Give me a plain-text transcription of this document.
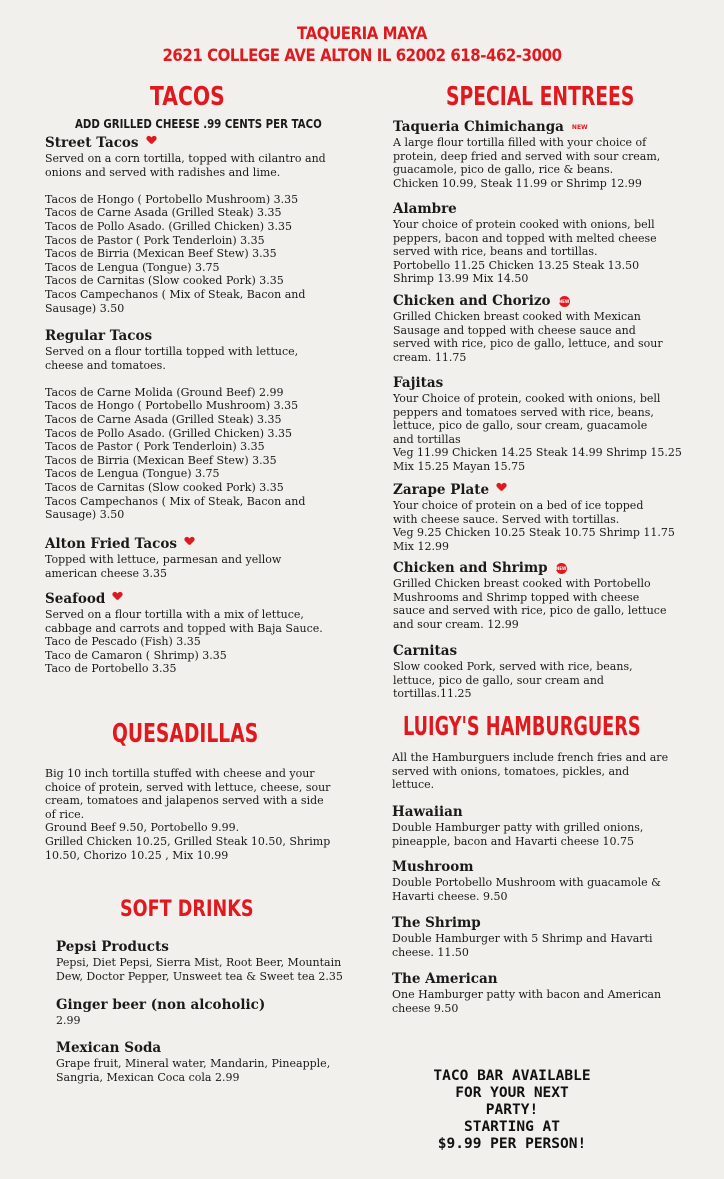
TAQUERIA MAYA
2621 COLLEGE AVE ALTON IL 62002 618-462-3000
TACOS
ADD GRILLED CHEESE .99 CENTS PER TACO
Street Tacos
Served on a corn tortilla, topped with cilantro and
onions and served with radishes and lime.

Tacos de Hongo ( Portobello Mushroom) 3.35
Tacos de Carne Asada (Grilled Steak) 3.35
Tacos de Pollo Asado. (Grilled Chicken) 3.35
Tacos de Pastor ( Pork Tenderloin) 3.35
Tacos de Birria (Mexican Beef Stew) 3.35
Tacos de Lengua (Tongue) 3.75
Tacos de Carnitas (Slow cooked Pork) 3.35
Tacos Campechanos ( Mix of Steak, Bacon and
Sausage) 3.50
Regular Tacos
Served on a flour tortilla topped with lettuce,
cheese and tomatoes.

Tacos de Carne Molida (Ground Beef) 2.99
Tacos de Hongo ( Portobello Mushroom) 3.35
Tacos de Carne Asada (Grilled Steak) 3.35
Tacos de Pollo Asado. (Grilled Chicken) 3.35
Tacos de Pastor ( Pork Tenderloin) 3.35
Tacos de Birria (Mexican Beef Stew) 3.35
Tacos de Lengua (Tongue) 3.75
Tacos de Carnitas (Slow cooked Pork) 3.35
Tacos Campechanos ( Mix of Steak, Bacon and
Sausage) 3.50
Alton Fried Tacos
Topped with lettuce, parmesan and yellow
american cheese 3.35
Seafood
Served on a flour tortilla with a mix of lettuce,
cabbage and carrots and topped with Baja Sauce.
Taco de Pescado (Fish) 3.35
Taco de Camaron ( Shrimp) 3.35
Taco de Portobello 3.35
QUESADILLAS
Big 10 inch tortilla stuffed with cheese and your
choice of protein, served with lettuce, cheese, sour
cream, tomatoes and jalapenos served with a side
of rice.
Ground Beef 9.50, Portobello 9.99.
Grilled Chicken 10.25, Grilled Steak 10.50, Shrimp
10.50, Chorizo 10.25 , Mix 10.99
SOFT DRINKS
Pepsi Products
Pepsi, Diet Pepsi, Sierra Mist, Root Beer, Mountain
Dew, Doctor Pepper, Unsweet tea & Sweet tea 2.35
Ginger beer (non alcoholic)
2.99
Mexican Soda
Grape fruit, Mineral water, Mandarin, Pineapple,
Sangria, Mexican Coca cola 2.99
SPECIAL ENTREES
Taqueria Chimichanga NEW
A large flour tortilla filled with your choice of
protein, deep fried and served with sour cream,
guacamole, pico de gallo, rice & beans.
Chicken 10.99, Steak 11.99 or Shrimp 12.99
Alambre
Your choice of protein cooked with onions, bell
peppers, bacon and topped with melted cheese
served with rice, beans and tortillas.
Portobello 11.25 Chicken 13.25 Steak 13.50
Shrimp 13.99 Mix 14.50
Chicken and Chorizo NEW
Grilled Chicken breast cooked with Mexican
Sausage and topped with cheese sauce and
served with rice, pico de gallo, lettuce, and sour
cream. 11.75
Fajitas
Your Choice of protein, cooked with onions, bell
peppers and tomatoes served with rice, beans,
lettuce, pico de gallo, sour cream, guacamole
and tortillas
Veg 11.99 Chicken 14.25 Steak 14.99 Shrimp 15.25
Mix 15.25 Mayan 15.75
Zarape Plate
Your choice of protein on a bed of ice topped
with cheese sauce. Served with tortillas.
Veg 9.25 Chicken 10.25 Steak 10.75 Shrimp 11.75
Mix 12.99
Chicken and Shrimp NEW
Grilled Chicken breast cooked with Portobello
Mushrooms and Shrimp topped with cheese
sauce and served with rice, pico de gallo, lettuce
and sour cream. 12.99
Carnitas
Slow cooked Pork, served with rice, beans,
lettuce, pico de gallo, sour cream and
tortillas.11.25
LUIGY'S HAMBURGUERS
All the Hamburguers include french fries and are
served with onions, tomatoes, pickles, and
lettuce.
Hawaiian
Double Hamburger patty with grilled onions,
pineapple, bacon and Havarti cheese 10.75
Mushroom
Double Portobello Mushroom with guacamole &
Havarti cheese. 9.50
The Shrimp
Double Hamburger with 5 Shrimp and Havarti
cheese. 11.50
The American
One Hamburger patty with bacon and American
cheese 9.50
TACO BAR AVAILABLE
FOR YOUR NEXT
PARTY!
STARTING AT
$9.99 PER PERSON!
